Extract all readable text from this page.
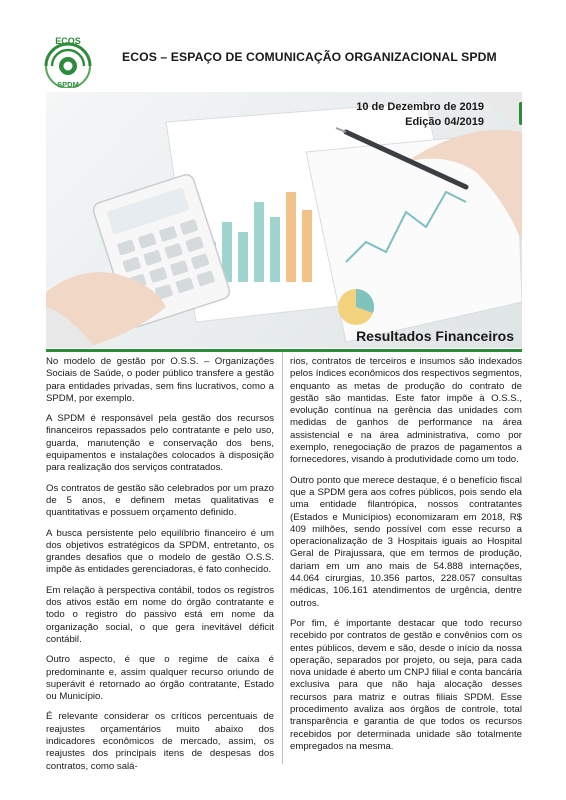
ECOS
SPDM
ECOS – ESPAÇO DE COMUNICAÇÃO ORGANIZACIONAL SPDM
10 de Dezembro de 2019
Edição 04/2019
Resultados Financeiros

No modelo de gestão por O.S.S. – Organizações Sociais de Saúde, o poder público transfere a gestão para entidades privadas, sem fins lucrativos, como a SPDM, por exemplo.

A SPDM é responsável pela gestão dos recursos financeiros repassados pelo contratante e pelo uso, guarda, manutenção e conservação dos bens, equipamentos e instalações colocados à disposição para realização dos serviços contratados.

Os contratos de gestão são celebrados por um prazo de 5 anos, e definem metas qualitativas e quantitativas e possuem orçamento definido.

A busca persistente pelo equilíbrio financeiro é um dos objetivos estratégicos da SPDM, entretanto, os grandes desafios que o modelo de gestão O.S.S. impõe às entidades gerenciadoras, é fato conhecido.

Em relação à perspectiva contábil, todos os registros dos ativos estão em nome do órgão contratante e todo o registro do passivo está em nome da organização social, o que gera inevitável déficit contábil.

Outro aspecto, é que o regime de caixa é predominante e, assim qualquer recurso oriundo de superávit é retornado ao órgão contratante, Estado ou Município.

É relevante considerar os críticos percentuais de reajustes orçamentários muito abaixo dos indicadores econômicos de mercado, assim, os reajustes dos principais itens de despesas dos contratos, como salá-

rios, contratos de terceiros e insumos são indexados pelos índices econômicos dos respectivos segmentos, enquanto as metas de produção do contrato de gestão são mantidas. Este fator impõe à O.S.S., evolução contínua na gerência das unidades com medidas de ganhos de performance na área assistencial e na área administrativa, como por exemplo, renegociação de prazos de pagamentos a fornecedores, visando à produtividade como um todo.

Outro ponto que merece destaque, é o benefício fiscal que a SPDM gera aos cofres públicos, pois sendo ela uma entidade filantrópica, nossos contratantes (Estados e Municípios) economizaram em 2018, R$ 409 milhões, sendo possível com esse recurso a operacionalização de 3 Hospitais iguais ao Hospital Geral de Pirajussara, que em termos de produção, dariam em um ano mais de 54.888 internações, 44.064 cirurgias, 10.356 partos, 228.057 consultas médicas, 106.161 atendimentos de urgência, dentre outros.

Por fim, é importante destacar que todo recurso recebido por contratos de gestão e convênios com os entes públicos, devem e são, desde o início da nossa operação, separados por projeto, ou seja, para cada nova unidade é aberto um CNPJ filial e conta bancária exclusiva para que não haja alocação desses recursos para matriz e outras filiais SPDM. Esse procedimento avaliza aos órgãos de controle, total transparência e garantia de que todos os recursos recebidos por determinada unidade são totalmente empregados na mesma.
